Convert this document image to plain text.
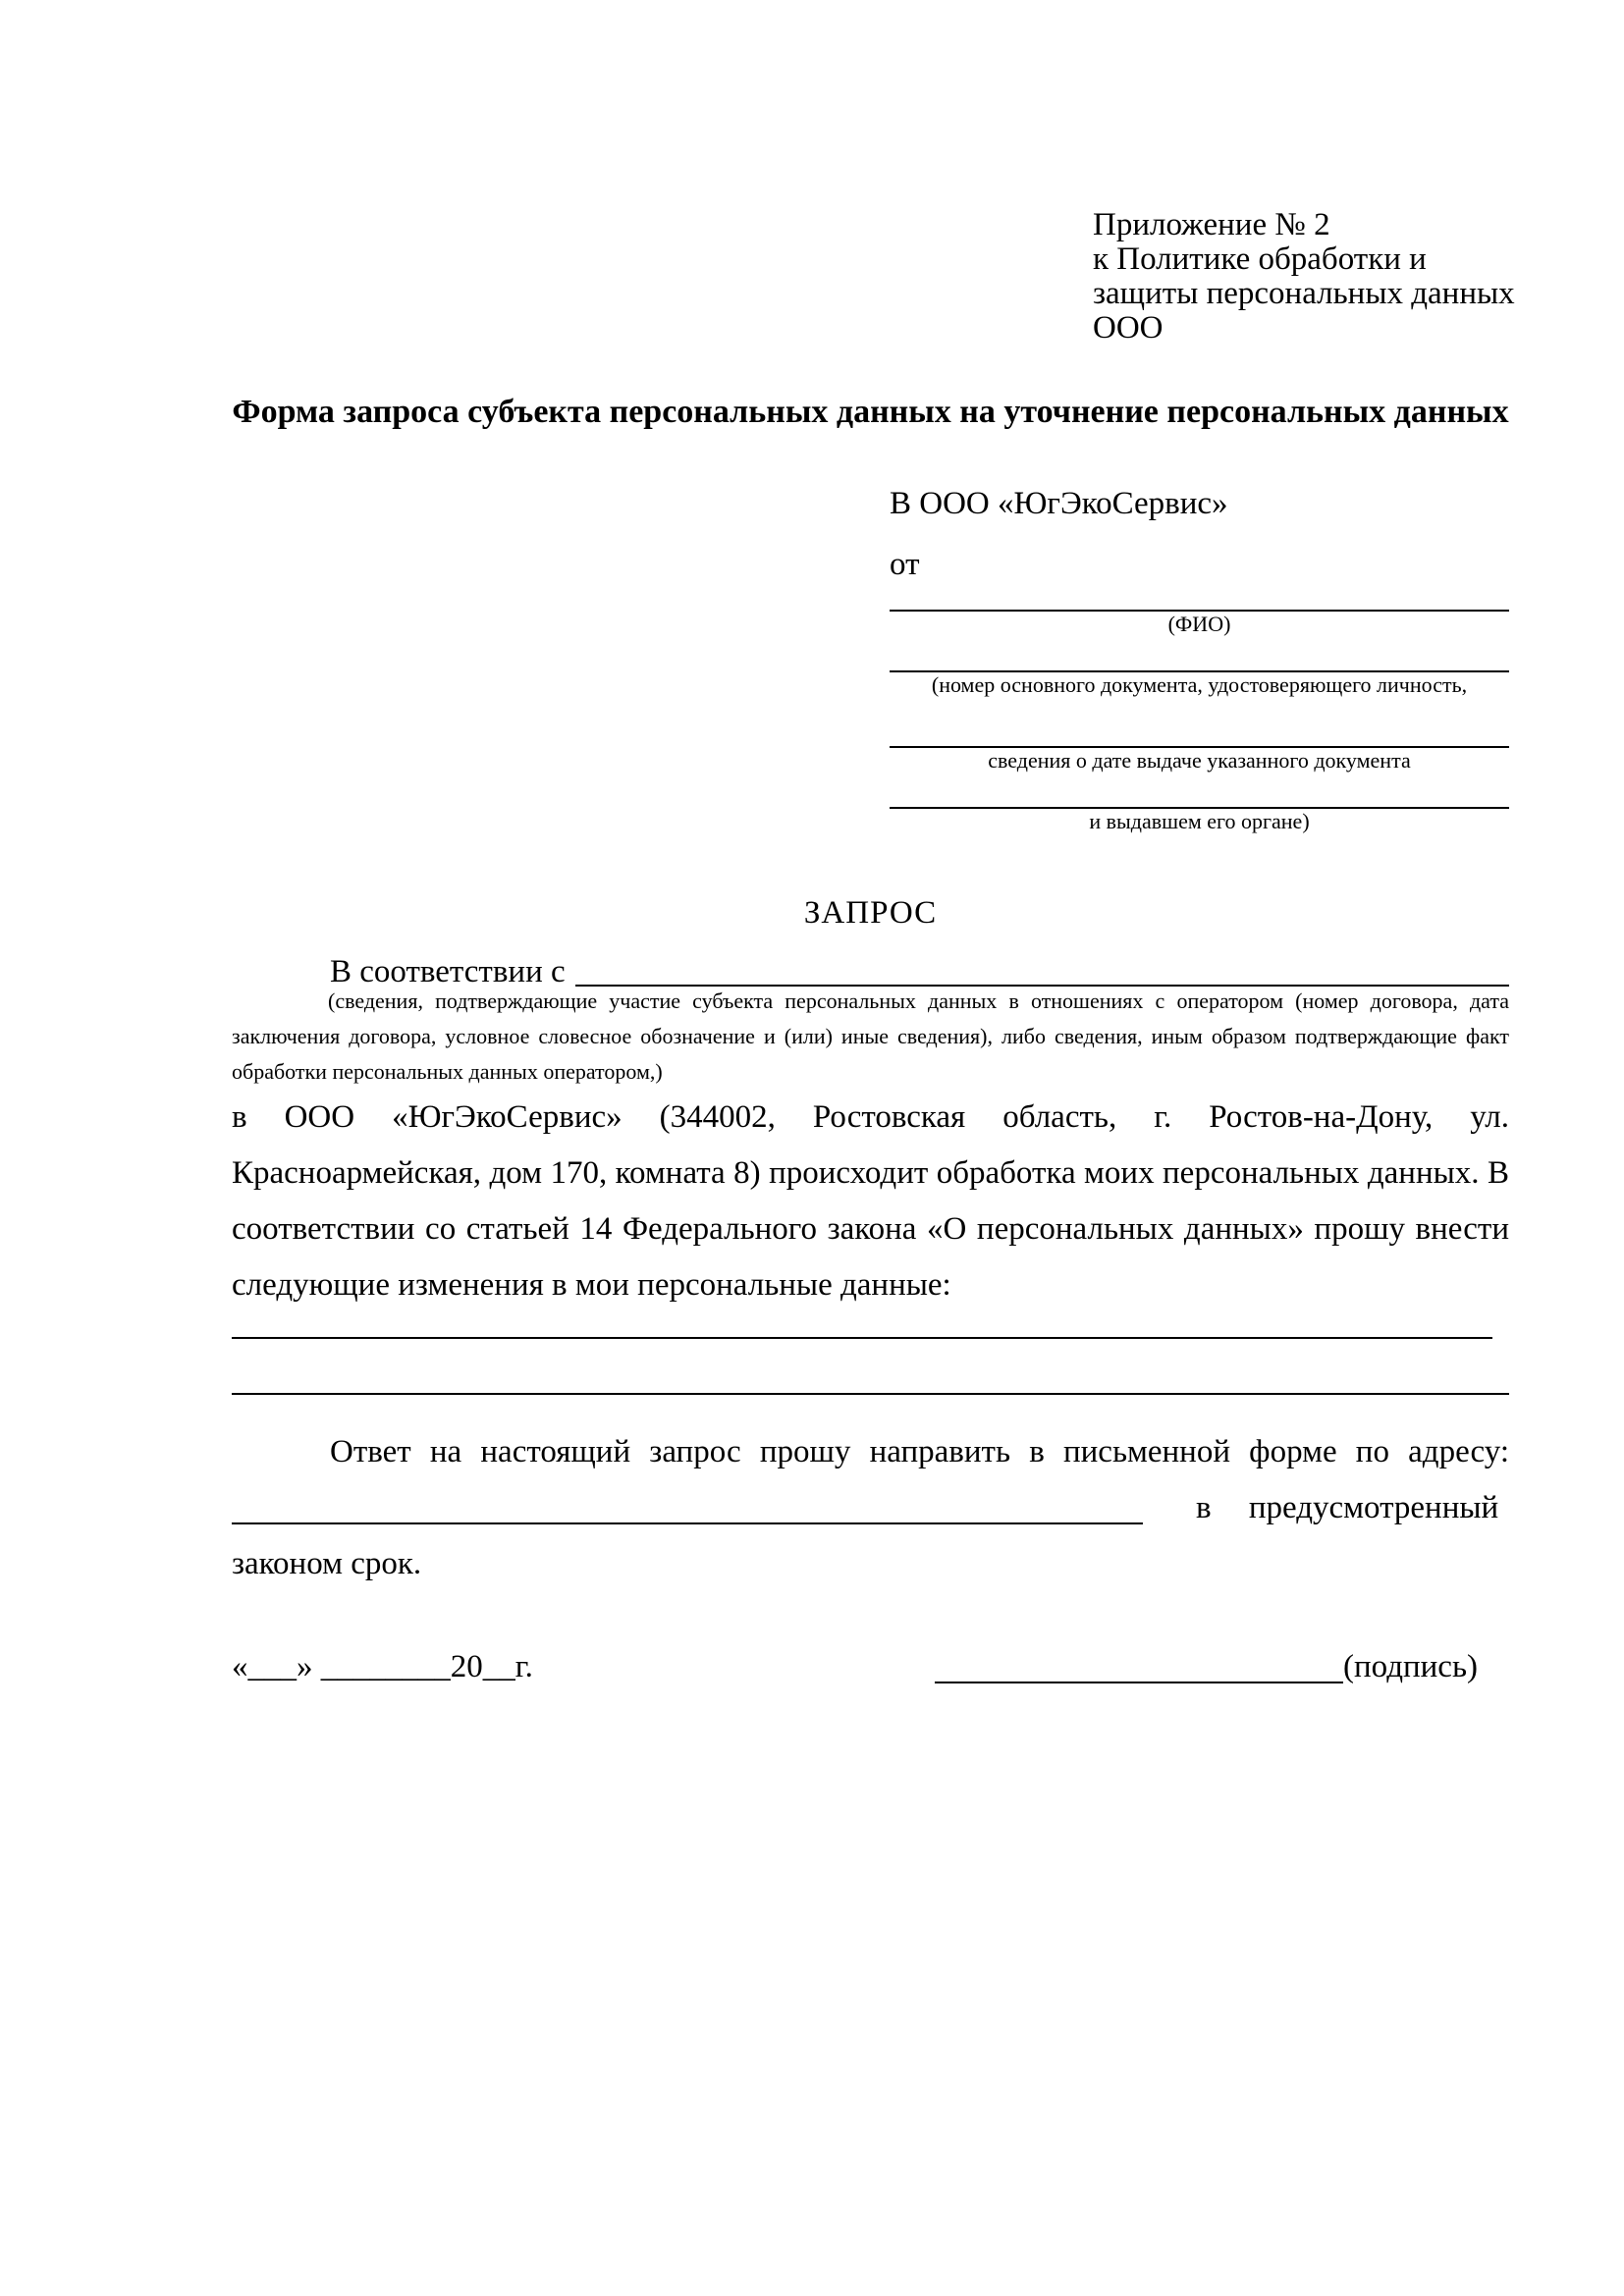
Приложение № 2
к Политике обработки и
защиты персональных данных
ООО
Форма запроса субъекта персональных данных на уточнение персональных данных
В ООО «ЮгЭкоСервис»
от
(ФИО)
(номер основного документа, удостоверяющего личность,
сведения о дате выдаче указанного документа
и выдавшем его органе)
ЗАПРОС
В соответствии с
(сведения, подтверждающие участие субъекта персональных данных в отношениях с оператором (номер договора, дата заключения договора, условное словесное обозначение и (или) иные сведения), либо сведения, иным образом подтверждающие факт обработки персональных данных оператором,)

в ООО «ЮгЭкоСервис» (344002, Ростовская область, г. Ростов-на-Дону, ул. Красноармейская, дом 170, комната 8) происходит обработка моих персональных данных. В соответствии со статьей 14 Федерального закона «О персональных данных» прошу внести следующие изменения в мои персональные данные:

Ответ на настоящий запрос прошу направить в письменной форме по адресу:
в предусмотренный
законом срок.
«___» ________20__г.	(подпись)
